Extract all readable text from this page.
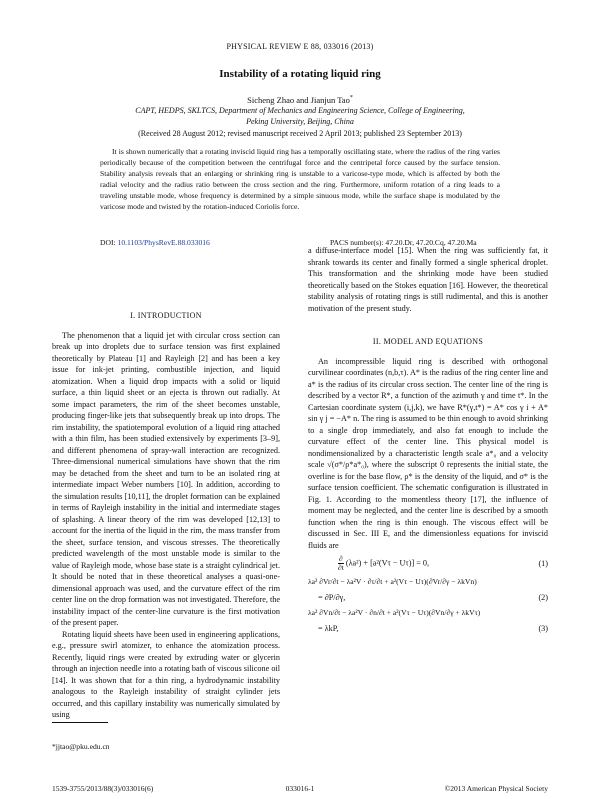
PHYSICAL REVIEW E 88, 033016 (2013)
Instability of a rotating liquid ring
Sicheng Zhao and Jianjun Tao*
CAPT, HEDPS, SKLTCS, Department of Mechanics and Engineering Science, College of Engineering,
Peking University, Beijing, China
(Received 28 August 2012; revised manuscript received 2 April 2013; published 23 September 2013)
It is shown numerically that a rotating inviscid liquid ring has a temporally oscillating state, where the radius of the ring varies periodically because of the competition between the centrifugal force and the centripetal force caused by the surface tension. Stability analysis reveals that an enlarging or shrinking ring is unstable to a varicose-type mode, which is affected by both the radial velocity and the radius ratio between the cross section and the ring. Furthermore, uniform rotation of a ring leads to a traveling unstable mode, whose frequency is determined by a simple sinuous mode, while the surface shape is modulated by the varicose mode and twisted by the rotation-induced Coriolis force.
DOI: 10.1103/PhysRevE.88.033016	PACS number(s): 47.20.Dr, 47.20.Cq, 47.20.Ma
I. INTRODUCTION

The phenomenon that a liquid jet with circular cross section can break up into droplets due to surface tension was first explained theoretically by Plateau [1] and Rayleigh [2] and has been a key issue for ink-jet printing, combustible injection, and liquid atomization. When a liquid drop impacts with a solid or liquid surface, a thin liquid sheet or an ejecta is thrown out radially. At some impact parameters, the rim of the sheet becomes unstable, producing finger-like jets that subsequently break up into drops. The rim instability, the spatiotemporal evolution of a liquid ring attached with a thin film, has been studied extensively by experiments [3–9], and different phenomena of spray-wall interaction are recognized. Three-dimensional numerical simulations have shown that the rim may be detached from the sheet and turn to be an isolated ring at intermediate impact Weber numbers [10]. In addition, according to the simulation results [10,11], the droplet formation can be explained in terms of Rayleigh instability in the initial and intermediate stages of splashing. A linear theory of the rim was developed [12,13] to account for the inertia of the liquid in the rim, the mass transfer from the sheet, surface tension, and viscous stresses. The theoretically predicted wavelength of the most unstable mode is similar to the value of Rayleigh mode, whose base state is a straight cylindrical jet. It should be noted that in these theoretical analyses a quasi-one-dimensional approach was used, and the curvature effect of the rim center line on the drop formation was not investigated. Therefore, the instability impact of the center-line curvature is the first motivation of the present paper.

Rotating liquid sheets have been used in engineering applications, e.g., pressure swirl atomizer, to enhance the atomization process. Recently, liquid rings were created by extruding water or glycerin through an injection needle into a rotating bath of viscous silicone oil [14]. It was shown that for a thin ring, a hydrodynamic instability analogous to the Rayleigh instability of straight cylinder jets occurred, and this capillary instability was numerically simulated by using

a diffuse-interface model [15]. When the ring was sufficiently fat, it shrank towards its center and finally formed a single spherical droplet. This transformation and the shrinking mode have been studied theoretically based on the Stokes equation [16]. However, the theoretical stability analysis of rotating rings is still rudimental, and this is another motivation of the present study.

II. MODEL AND EQUATIONS

An incompressible liquid ring is described with orthogonal curvilinear coordinates (n,b,τ). A* is the radius of the ring center line and a* is the radius of its circular cross section. The center line of the ring is described by a vector R*, a function of the azimuth γ and time t*. In the Cartesian coordinate system (i,j,k), we have R*(γ,t*) = A* cos γ i + A* sin γ j = −A* n. The ring is assumed to be thin enough to avoid shrinking to a single drop immediately, and also fat enough to include the curvature effect of the center line. This physical model is nondimensionalized by a characteristic length scale a*₀ and a velocity scale √(σ*/ρ*a*₀), where the subscript 0 represents the initial state, the overline is for the base flow, ρ* is the density of the liquid, and σ* is the surface tension coefficient. The schematic configuration is illustrated in Fig. 1. According to the momentless theory [17], the influence of moment may be neglected, and the center line is described by a smooth function when the ring is thin enough. The viscous effect will be discussed in Sec. III E, and the dimensionless equations for inviscid fluids are

$\frac{\partial}{\partial t} (\lambda a^2) + [a^2(V\tau - U\tau)] = 0$,	(1)
λa² ∂Vr/∂t − λa²V · ∂τ/∂t + a²(Vτ − Uτ)(∂Vr/∂γ − λkVn)
= ∂P/∂γ,	(2)
λa² ∂Vn/∂t − λa²V · ∂n/∂t + a²(Vτ − Uτ)(∂Vn/∂γ + λkVτ)
= λkP,	(3)
*jjtao@pku.edu.cn
1539-3755/2013/88(3)/033016(6)	033016-1	©2013 American Physical Society
